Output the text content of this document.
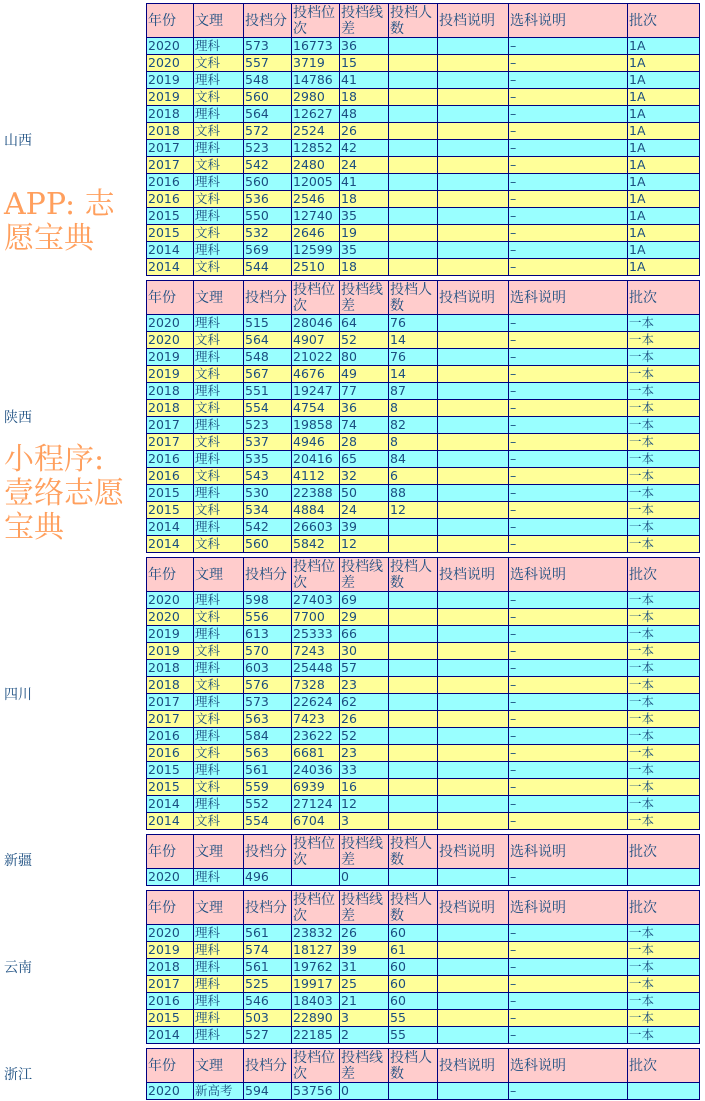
山西
年份	文理	投档分	投档位次	投档线差	投档人数	投档说明	选科说明	批次
2020	理科	573	16773	36			–	1A
2020	文科	557	3719	15			–	1A
2019	理科	548	14786	41			–	1A
2019	文科	560	2980	18			–	1A
2018	理科	564	12627	48			–	1A
2018	文科	572	2524	26			–	1A
2017	理科	523	12852	42			–	1A
2017	文科	542	2480	24			–	1A
2016	理科	560	12005	41			–	1A
2016	文科	536	2546	18			–	1A
2015	理科	550	12740	35			–	1A
2015	文科	532	2646	19			–	1A
2014	理科	569	12599	35			–	1A
2014	文科	544	2510	18			–	1A
陕西
年份	文理	投档分	投档位次	投档线差	投档人数	投档说明	选科说明	批次
2020	理科	515	28046	64	76		–	一本
2020	文科	564	4907	52	14		–	一本
2019	理科	548	21022	80	76		–	一本
2019	文科	567	4676	49	14		–	一本
2018	理科	551	19247	77	87		–	一本
2018	文科	554	4754	36	8		–	一本
2017	理科	523	19858	74	82		–	一本
2017	文科	537	4946	28	8		–	一本
2016	理科	535	20416	65	84		–	一本
2016	文科	543	4112	32	6		–	一本
2015	理科	530	22388	50	88		–	一本
2015	文科	534	4884	24	12		–	一本
2014	理科	542	26603	39			–	一本
2014	文科	560	5842	12			–	一本
四川
年份	文理	投档分	投档位次	投档线差	投档人数	投档说明	选科说明	批次
2020	理科	598	27403	69			–	一本
2020	文科	556	7700	29			–	一本
2019	理科	613	25333	66			–	一本
2019	文科	570	7243	30			–	一本
2018	理科	603	25448	57			–	一本
2018	文科	576	7328	23			–	一本
2017	理科	573	22624	62			–	一本
2017	文科	563	7423	26			–	一本
2016	理科	584	23622	52			–	一本
2016	文科	563	6681	23			–	一本
2015	理科	561	24036	33			–	一本
2015	文科	559	6939	16			–	一本
2014	理科	552	27124	12			–	一本
2014	文科	554	6704	3			–	一本
新疆
年份	文理	投档分	投档位次	投档线差	投档人数	投档说明	选科说明	批次
2020	理科	496		0			–	
云南
年份	文理	投档分	投档位次	投档线差	投档人数	投档说明	选科说明	批次
2020	理科	561	23832	26	60		–	一本
2019	理科	574	18127	39	61		–	一本
2018	理科	561	19762	31	60		–	一本
2017	理科	525	19917	25	60		–	一本
2016	理科	546	18403	21	60		–	一本
2015	理科	503	22890	3	55		–	一本
2014	理科	527	22185	2	55		–	一本
浙江
年份	文理	投档分	投档位次	投档线差	投档人数	投档说明	选科说明	批次
2020	新高考	594	53756	0			–	
小程序: 壹络志愿宝典
APP: 志愿宝典
